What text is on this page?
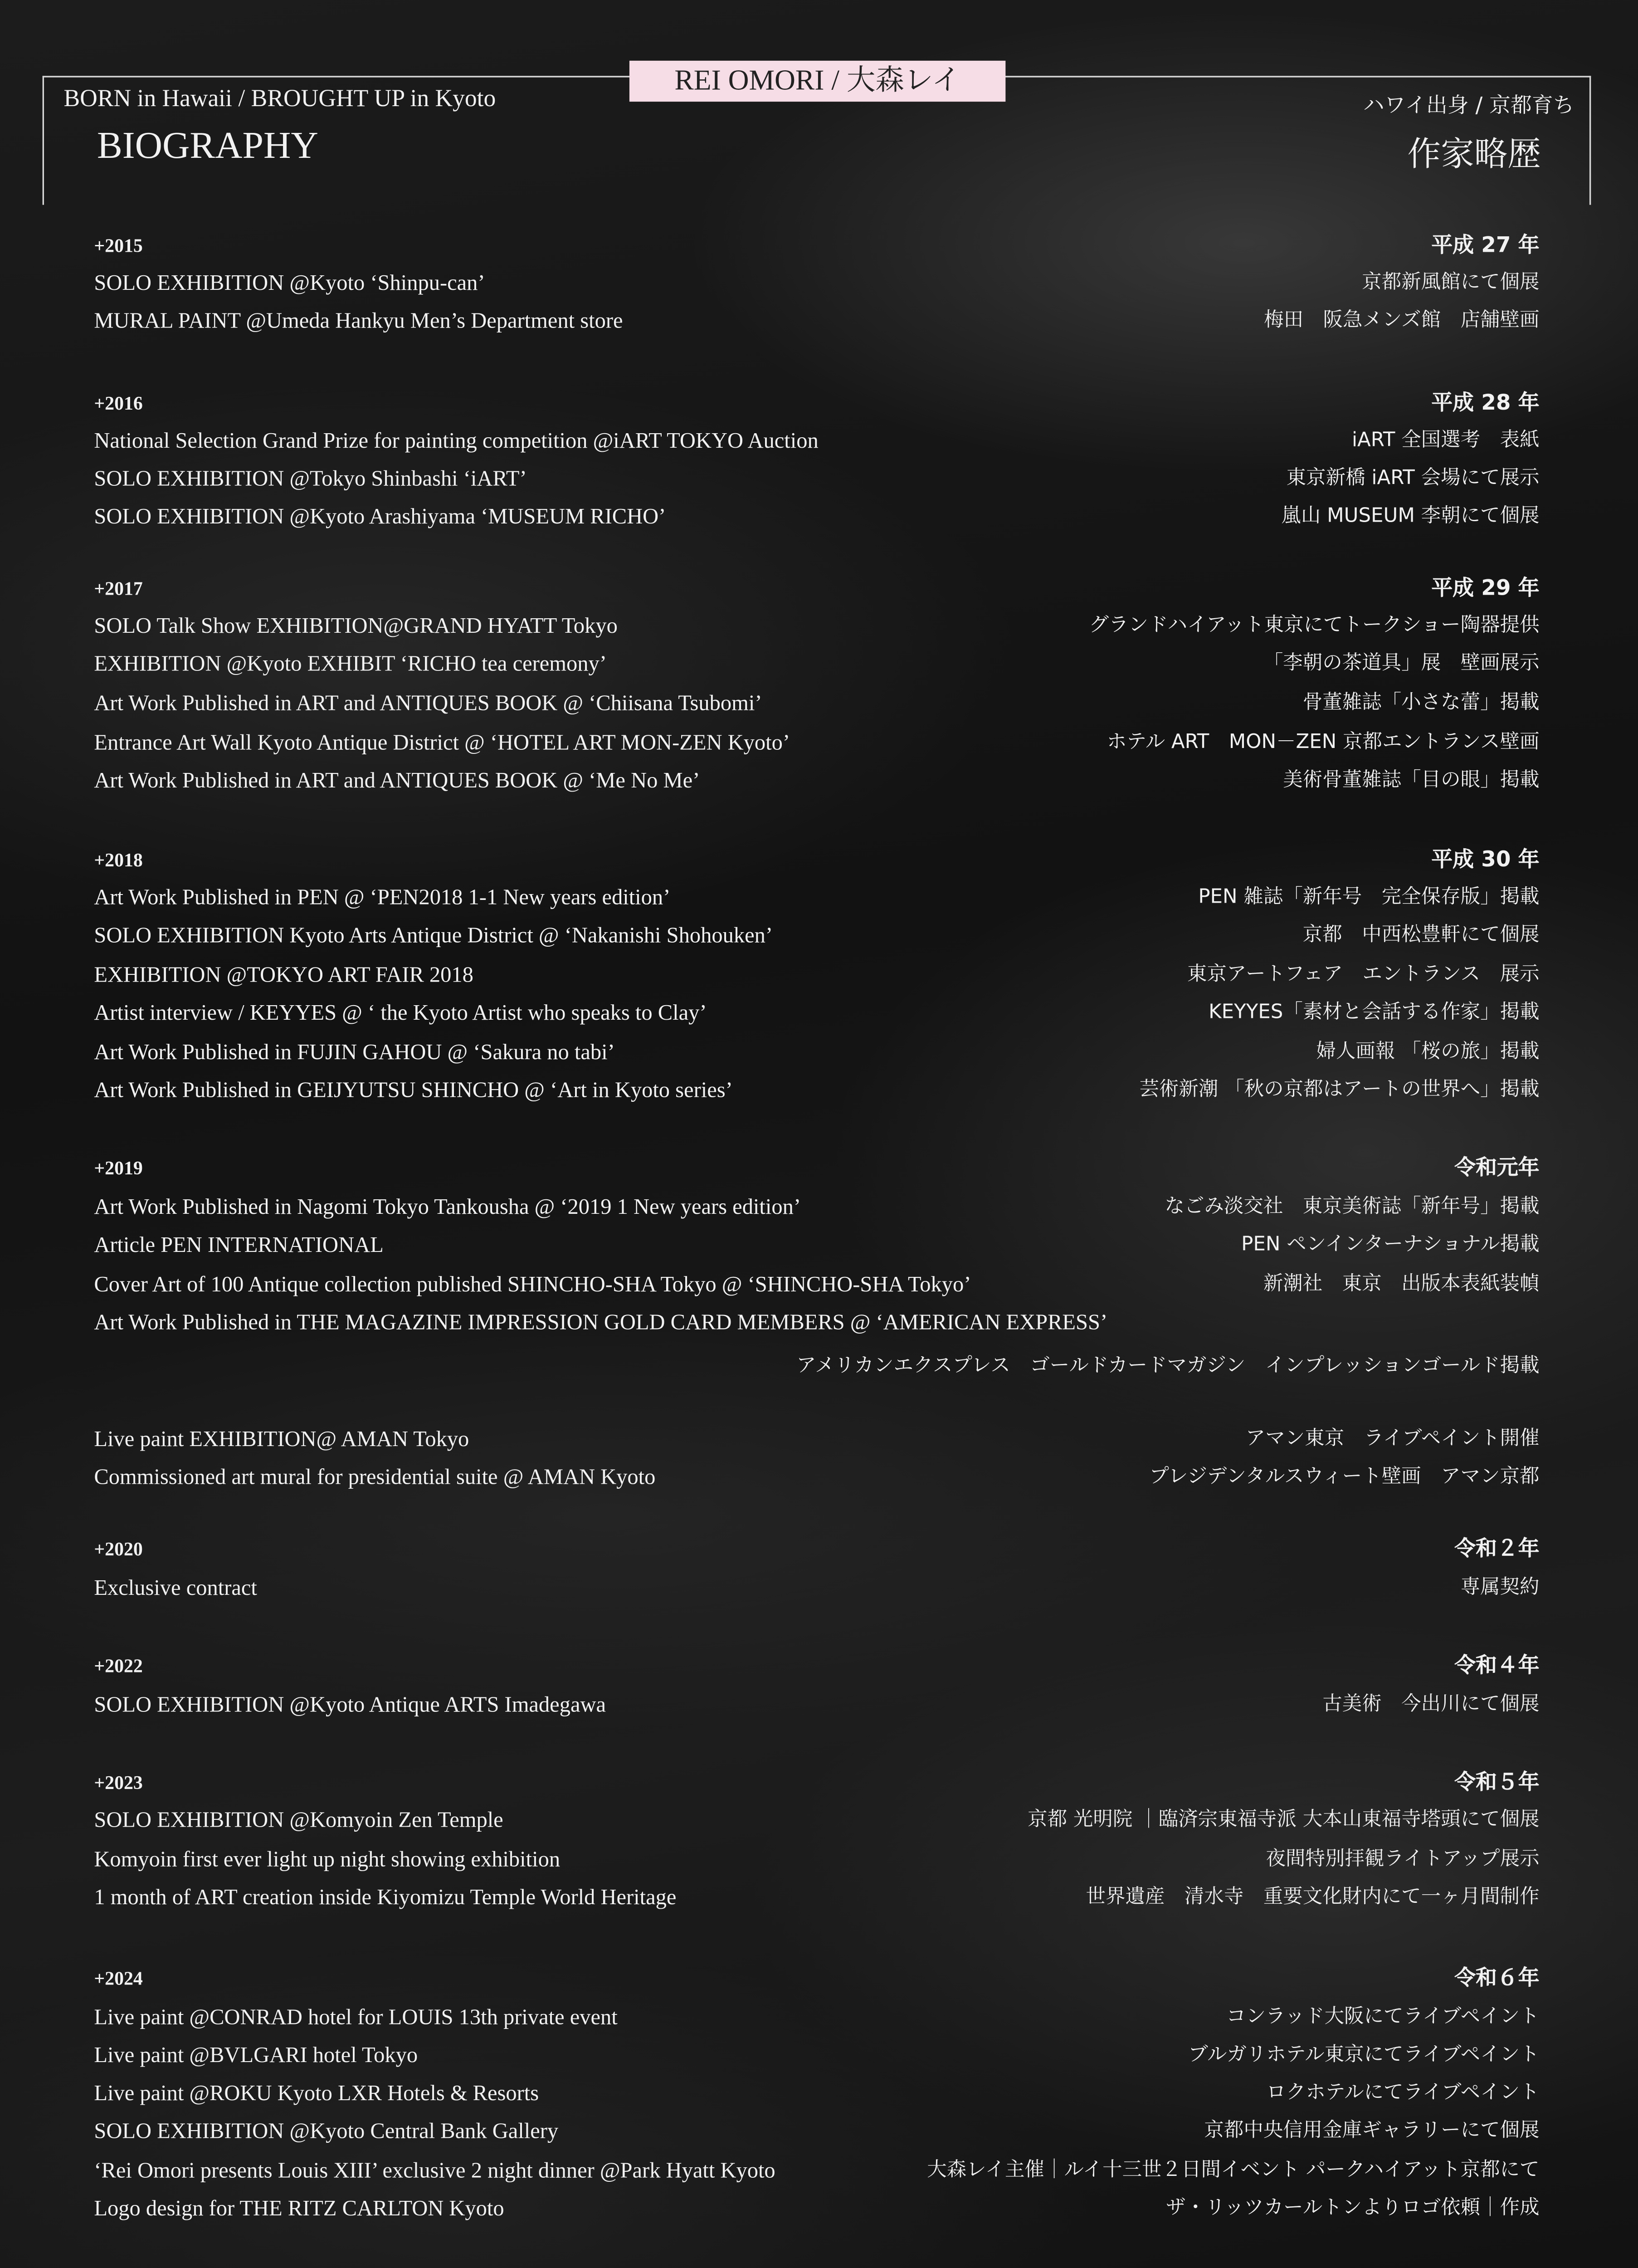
REI OMORI / 大森レイ
BORN in Hawaii / BROUGHT UP in Kyoto	ハワイ出身 / 京都育ち
BIOGRAPHY	作家略歴
+2015	平成 27 年
SOLO EXHIBITION @Kyoto ‘Shinpu-can’	京都新風館にて個展
MURAL PAINT @Umeda Hankyu Men’s Department store	梅田　阪急メンズ館　店舗壁画
+2016	平成 28 年
National Selection Grand Prize for painting competition @iART TOKYO Auction	iART 全国選考　表紙
SOLO EXHIBITION @Tokyo Shinbashi ‘iART’	東京新橋 iART 会場にて展示
SOLO EXHIBITION @Kyoto Arashiyama ‘MUSEUM RICHO’	嵐山 MUSEUM 李朝にて個展
+2017	平成 29 年
SOLO Talk Show EXHIBITION@GRAND HYATT Tokyo	グランドハイアット東京にてトークショー陶器提供
EXHIBITION @Kyoto EXHIBIT ‘RICHO tea ceremony’	「李朝の茶道具」展　壁画展示
Art Work Published in ART and ANTIQUES BOOK @ ‘Chiisana Tsubomi’	骨董雑誌「小さな蕾」掲載
Entrance Art Wall Kyoto Antique District @ ‘HOTEL ART MON-ZEN Kyoto’	ホテル ART　MON－ZEN 京都エントランス壁画
Art Work Published in ART and ANTIQUES BOOK @ ‘Me No Me’	美術骨董雑誌「目の眼」掲載
+2018	平成 30 年
Art Work Published in PEN @ ‘PEN2018 1-1 New years edition’	PEN 雑誌「新年号　完全保存版」掲載
SOLO EXHIBITION Kyoto Arts Antique District @ ‘Nakanishi Shohouken’	京都　中西松豊軒にて個展
EXHIBITION @TOKYO ART FAIR 2018	東京アートフェア　エントランス　展示
Artist interview / KEYYES @ ‘ the Kyoto Artist who speaks to Clay’	KEYYES「素材と会話する作家」掲載
Art Work Published in FUJIN GAHOU @ ‘Sakura no tabi’	婦人画報 「桜の旅」掲載
Art Work Published in GEIJYUTSU SHINCHO @ ‘Art in Kyoto series’	芸術新潮 「秋の京都はアートの世界へ」掲載
+2019	令和元年
Art Work Published in Nagomi Tokyo Tankousha @ ‘2019 1 New years edition’	なごみ淡交社　東京美術誌「新年号」掲載
Article PEN INTERNATIONAL	PEN ペンインターナショナル掲載
Cover Art of 100 Antique collection published SHINCHO-SHA Tokyo @ ‘SHINCHO-SHA Tokyo’	新潮社　東京　出版本表紙装幀
Art Work Published in THE MAGAZINE IMPRESSION GOLD CARD MEMBERS @ ‘AMERICAN EXPRESS’
アメリカンエクスプレス　ゴールドカードマガジン　インプレッションゴールド掲載
Live paint EXHIBITION@ AMAN Tokyo	アマン東京　ライブペイント開催
Commissioned art mural for presidential suite @ AMAN Kyoto	プレジデンタルスウィート壁画　アマン京都
+2020	令和２年
Exclusive contract	専属契約
+2022	令和４年
SOLO EXHIBITION @Kyoto Antique ARTS Imadegawa	古美術　今出川にて個展
+2023	令和５年
SOLO EXHIBITION @Komyoin Zen Temple	京都 光明院 ｜臨済宗東福寺派 大本山東福寺塔頭にて個展
Komyoin first ever light up night showing exhibition	夜間特別拝観ライトアップ展示
1 month of ART creation inside Kiyomizu Temple World Heritage	世界遺産　清水寺　重要文化財内にて一ヶ月間制作
+2024	令和６年
Live paint @CONRAD hotel for LOUIS 13th private event	コンラッド大阪にてライブペイント
Live paint @BVLGARI hotel Tokyo	ブルガリホテル東京にてライブペイント
Live paint @ROKU Kyoto LXR Hotels & Resorts	ロクホテルにてライブペイント
SOLO EXHIBITION @Kyoto Central Bank Gallery	京都中央信用金庫ギャラリーにて個展
‘Rei Omori presents Louis XIII’ exclusive 2 night dinner @Park Hyatt Kyoto	大森レイ主催｜ルイ十三世２日間イベント パークハイアット京都にて
Logo design for THE RITZ CARLTON Kyoto	ザ・リッツカールトンよりロゴ依頼｜作成
